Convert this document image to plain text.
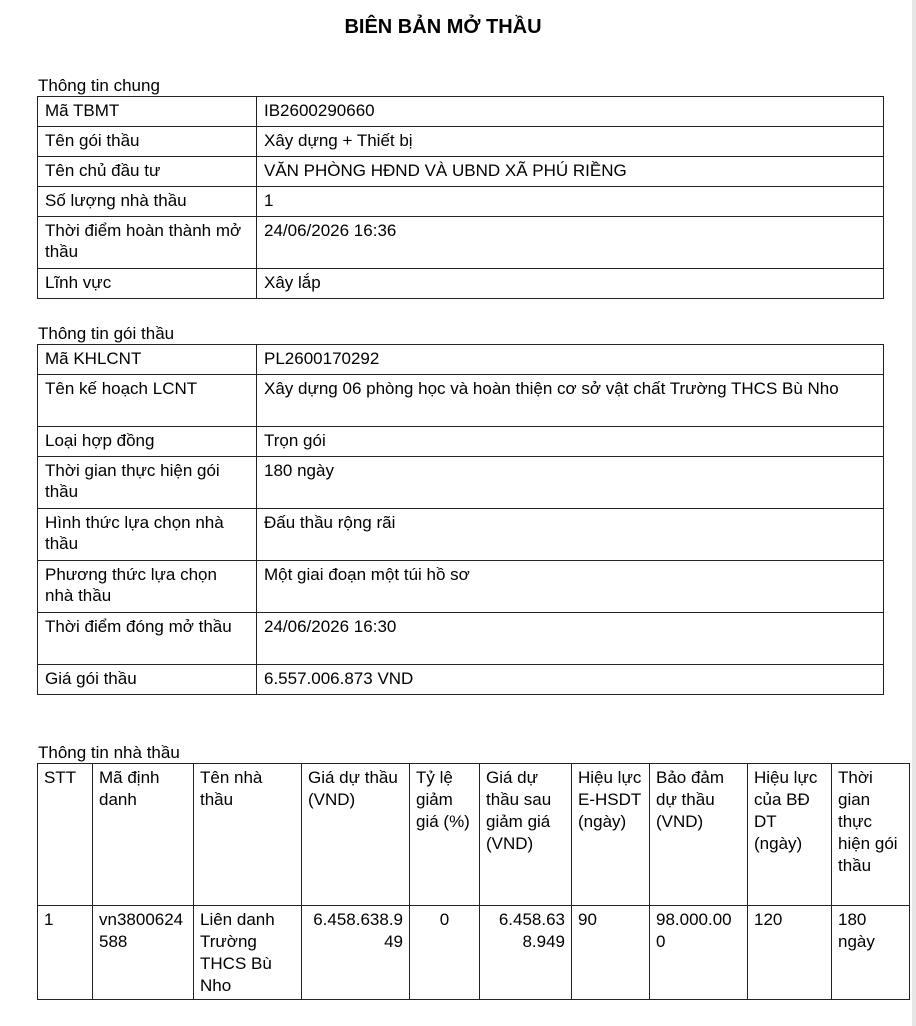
BIÊN BẢN MỞ THẦU
Thông tin chung
Mã TBMT	IB2600290660
Tên gói thầu	Xây dựng + Thiết bị
Tên chủ đầu tư	VĂN PHÒNG HĐND VÀ UBND XÃ PHÚ RIỀNG
Số lượng nhà thầu	1
Thời điểm hoàn thành mở thầu	24/06/2026 16:36
Lĩnh vực	Xây lắp
Thông tin gói thầu
Mã KHLCNT	PL2600170292
Tên kế hoạch LCNT	Xây dựng 06 phòng học và hoàn thiện cơ sở vật chất Trường THCS Bù Nho
Loại hợp đồng	Trọn gói
Thời gian thực hiện gói thầu	180 ngày
Hình thức lựa chọn nhà thầu	Đấu thầu rộng rãi
Phương thức lựa chọn nhà thầu	Một giai đoạn một túi hồ sơ
Thời điểm đóng mở thầu	24/06/2026 16:30
Giá gói thầu	6.557.006.873 VND
Thông tin nhà thầu
STT	Mã định danh	Tên nhà thầu	Giá dự thầu (VND)	Tỷ lệ giảm giá (%)	Giá dự thầu sau giảm giá (VND)	Hiệu lực E-HSDT (ngày)	Bảo đảm dự thầu (VND)	Hiệu lực của BĐ DT (ngày)	Thời gian thực hiện gói thầu
1	vn3800624588	Liên danh Trường THCS Bù Nho	6.458.638.949	0	6.458.638.949	90	98.000.000	120	180 ngày
